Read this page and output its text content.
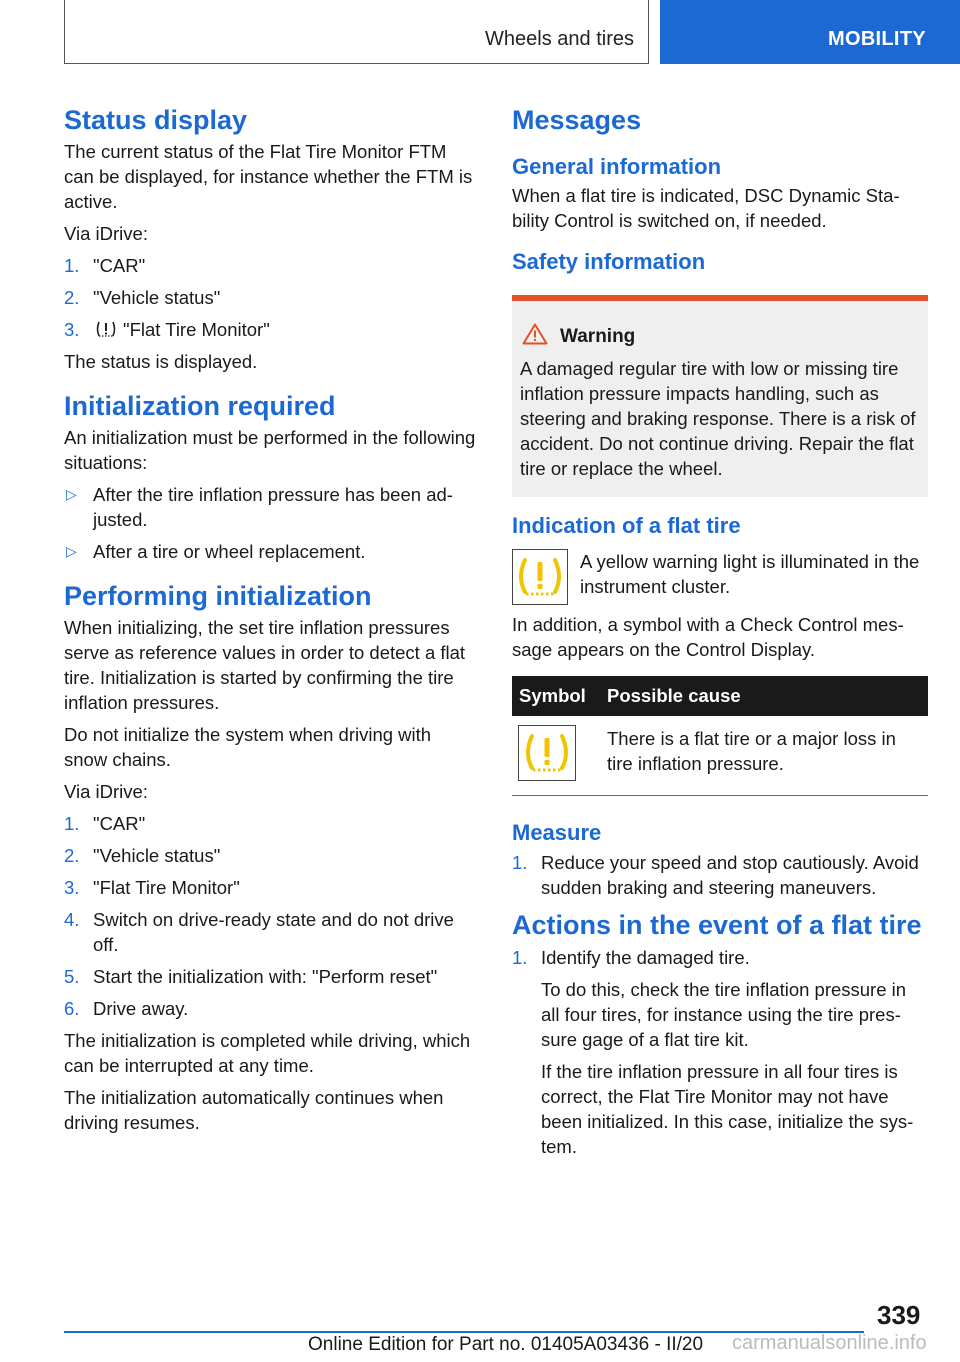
Wheels and tires	MOBILITY
Status display

The current status of the Flat Tire Monitor FTM can be displayed, for instance whether the FTM is active.

Via iDrive:

1. "CAR"
2. "Vehicle status"
3. "Flat Tire Monitor"

The status is displayed.

Initialization required

An initialization must be performed in the following situations:

▷ After the tire inflation pressure has been adjusted.
▷ After a tire or wheel replacement.
Performing initialization

When initializing, the set tire inflation pressures serve as reference values in order to detect a flat tire. Initialization is started by confirming the tire inflation pressures.

Do not initialize the system when driving with snow chains.

Via iDrive:

1. "CAR"
2. "Vehicle status"
3. "Flat Tire Monitor"
4. Switch on drive-ready state and do not drive off.
5. Start the initialization with: "Perform reset"
6. Drive away.

The initialization is completed while driving, which can be interrupted at any time.

The initialization automatically continues when driving resumes.

Messages
General information

When a flat tire is indicated, DSC Dynamic Stability Control is switched on, if needed.

Safety information
Warning

A damaged regular tire with low or missing tire inflation pressure impacts handling, such as steering and braking response. There is a risk of accident. Do not continue driving. Repair the flat tire or replace the wheel.

Indication of a flat tire

A yellow warning light is illuminated in the instrument cluster.

In addition, a symbol with a Check Control message appears on the Control Display.

Symbol	Possible cause

	There is a flat tire or a major loss in tire inflation pressure.
Measure
1. Reduce your speed and stop cautiously. Avoid sudden braking and steering maneuvers.
Actions in the event of a flat tire
1. Identify the damaged tire.
To do this, check the tire inflation pressure in all four tires, for instance using the tire pressure gage of a flat tire kit.
If the tire inflation pressure in all four tires is correct, the Flat Tire Monitor may not have been initialized. In this case, initialize the system.
339
Online Edition for Part no. 01405A03436 - II/20 carmanualsonline.info
